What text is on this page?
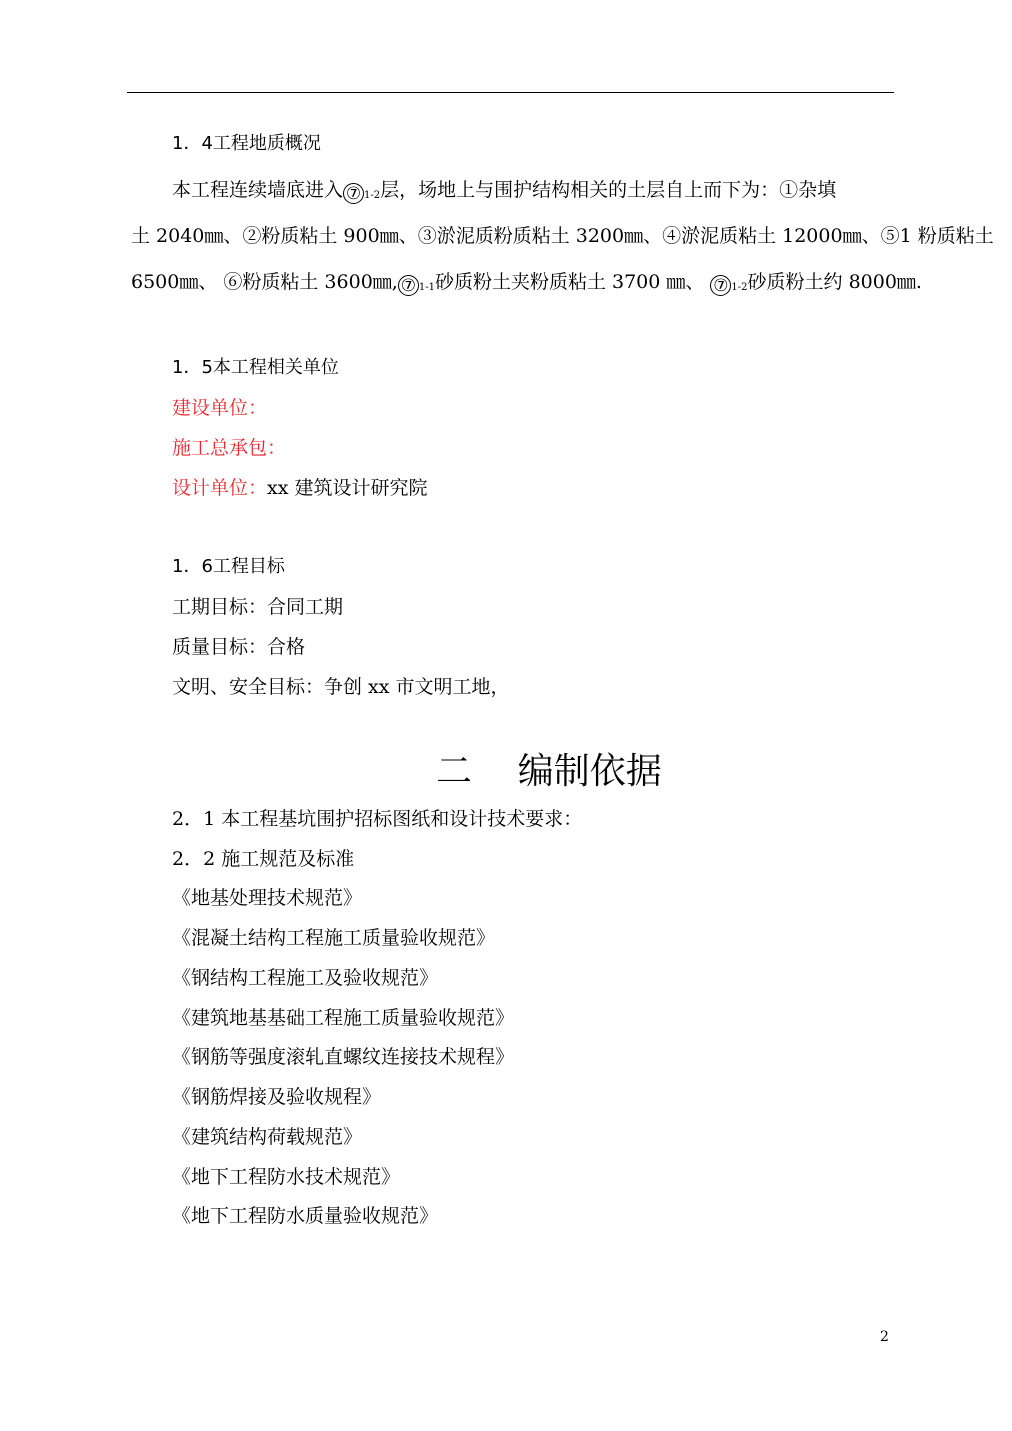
1．4工程地质概况
本工程连续墙底进入 ⑦ $_{1-2}$层，场地上与围护结构相关的土层自上而下为：①杂填
土 2040㎜、②粉质粘土 900㎜、③淤泥质粉质粘土 3200㎜、④淤泥质粘土 12000㎜、⑤1 粉质粘土
6500㎜、 ⑥粉质粘土 3600㎜, ⑦ $_{1-1}$砂质粉土夹粉质粘土 3700 ㎜、 ⑦ $_{1-2}$砂质粉土约 8000㎜.
1．5本工程相关单位
建设单位：
施工总承包：
设计单位：xx 建筑设计研究院
1．6工程目标
工期目标：合同工期
质量目标：合格
文明、安全目标：争创 xx 市文明工地，
二    编制依据
2．1 本工程基坑围护招标图纸和设计技术要求：
2．2 施工规范及标准
《地基处理技术规范》
《混凝土结构工程施工质量验收规范》
《钢结构工程施工及验收规范》
《建筑地基基础工程施工质量验收规范》
《钢筋等强度滚轧直螺纹连接技术规程》
《钢筋焊接及验收规程》
《建筑结构荷载规范》
《地下工程防水技术规范》
《地下工程防水质量验收规范》
2
